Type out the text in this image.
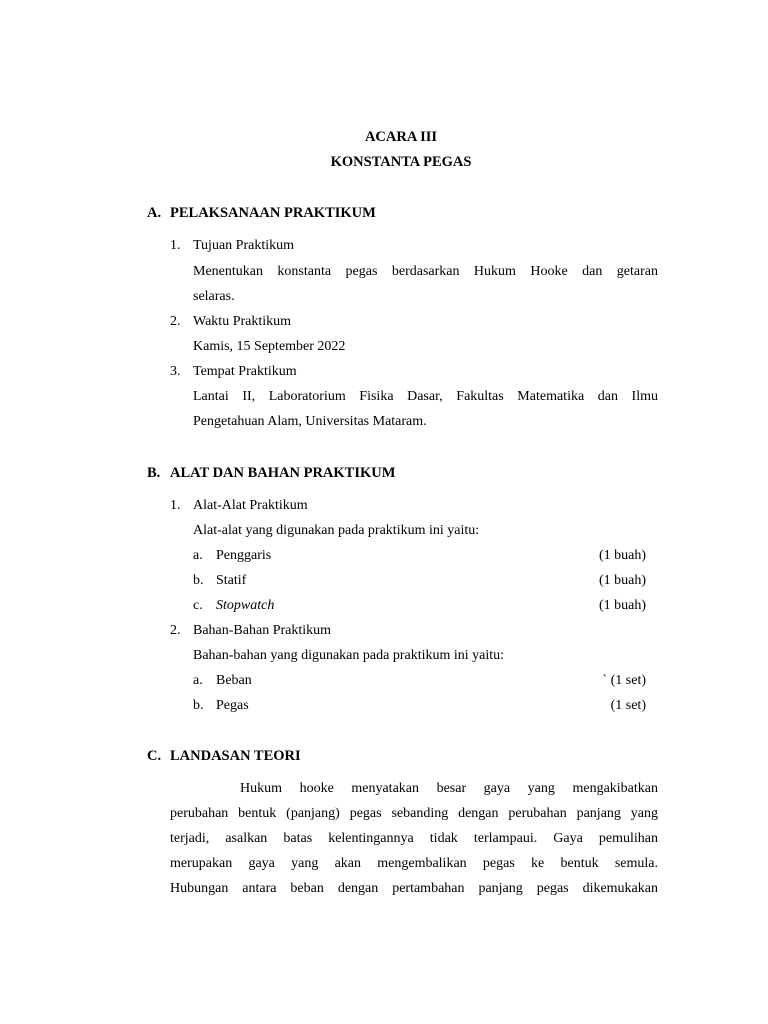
ACARA III
KONSTANTA PEGAS
A. PELAKSANAAN PRAKTIKUM
1. Tujuan Praktikum
Menentukan konstanta pegas berdasarkan Hukum Hooke dan getaran
selaras.
2. Waktu Praktikum
Kamis, 15 September 2022
3. Tempat Praktikum
Lantai II, Laboratorium Fisika Dasar, Fakultas Matematika dan Ilmu
Pengetahuan Alam, Universitas Mataram.
B. ALAT DAN BAHAN PRAKTIKUM
1. Alat-Alat Praktikum
Alat-alat yang digunakan pada praktikum ini yaitu:
a. Penggaris	(1 buah)
b. Statif	(1 buah)
c. Stopwatch	(1 buah)
2. Bahan-Bahan Praktikum
Bahan-bahan yang digunakan pada praktikum ini yaitu:
a. Beban	` (1 set)
b. Pegas	(1 set)
C. LANDASAN TEORI
Hukum hooke menyatakan besar gaya yang mengakibatkan
perubahan bentuk (panjang) pegas sebanding dengan perubahan panjang yang
terjadi, asalkan batas kelentingannya tidak terlampaui. Gaya pemulihan
merupakan gaya yang akan mengembalikan pegas ke bentuk semula.
Hubungan antara beban dengan pertambahan panjang pegas dikemukakan
